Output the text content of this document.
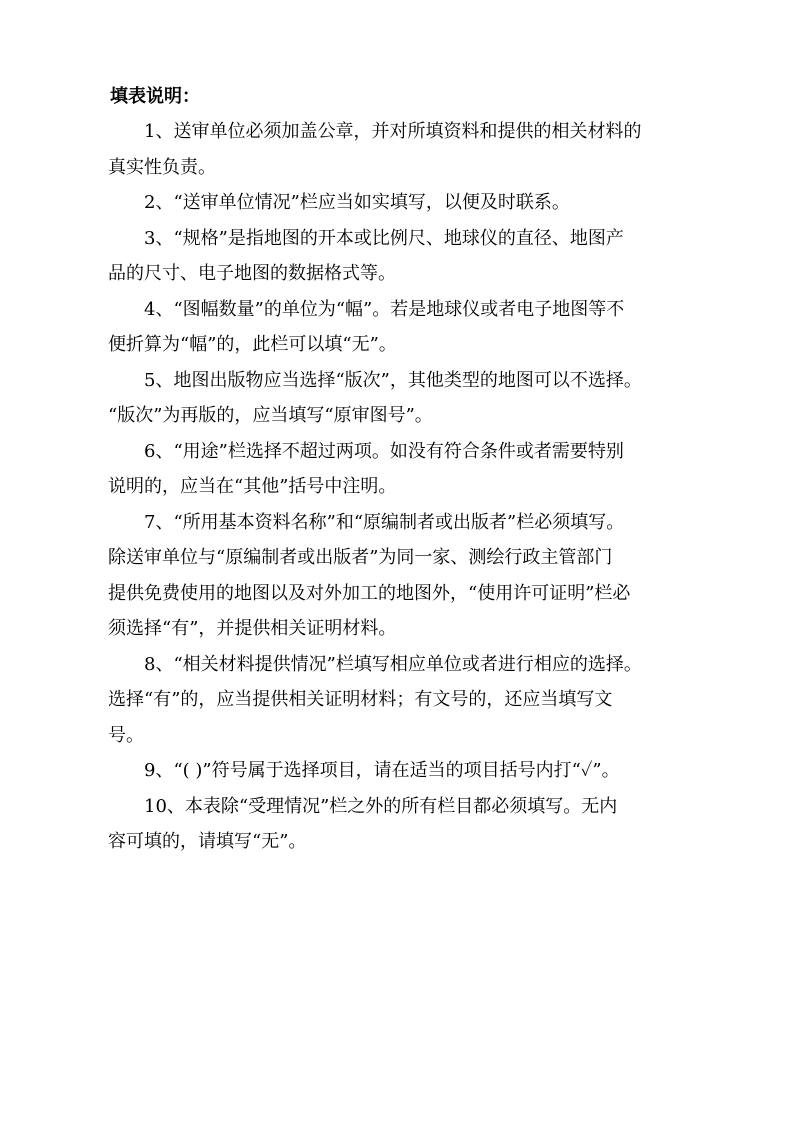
填表说明：
1、送审单位必须加盖公章，并对所填资料和提供的相关材料的
真实性负责。
2、“送审单位情况”栏应当如实填写，以便及时联系。
3、“规格”是指地图的开本或比例尺、地球仪的直径、地图产
品的尺寸、电子地图的数据格式等。
4、“图幅数量”的单位为“幅”。若是地球仪或者电子地图等不
便折算为“幅”的，此栏可以填“无”。
5、地图出版物应当选择“版次”，其他类型的地图可以不选择。
“版次”为再版的，应当填写“原审图号”。
6、“用途”栏选择不超过两项。如没有符合条件或者需要特别
说明的，应当在“其他”括号中注明。
7、“所用基本资料名称”和“原编制者或出版者”栏必须填写。
除送审单位与“原编制者或出版者”为同一家、测绘行政主管部门
提供免费使用的地图以及对外加工的地图外，“使用许可证明”栏必
须选择“有”，并提供相关证明材料。
8、“相关材料提供情况”栏填写相应单位或者进行相应的选择。
选择“有”的，应当提供相关证明材料；有文号的，还应当填写文
号。
9、“( )”符号属于选择项目，请在适当的项目括号内打“✓”。
10、本表除“受理情况”栏之外的所有栏目都必须填写。无内
容可填的，请填写“无”。
